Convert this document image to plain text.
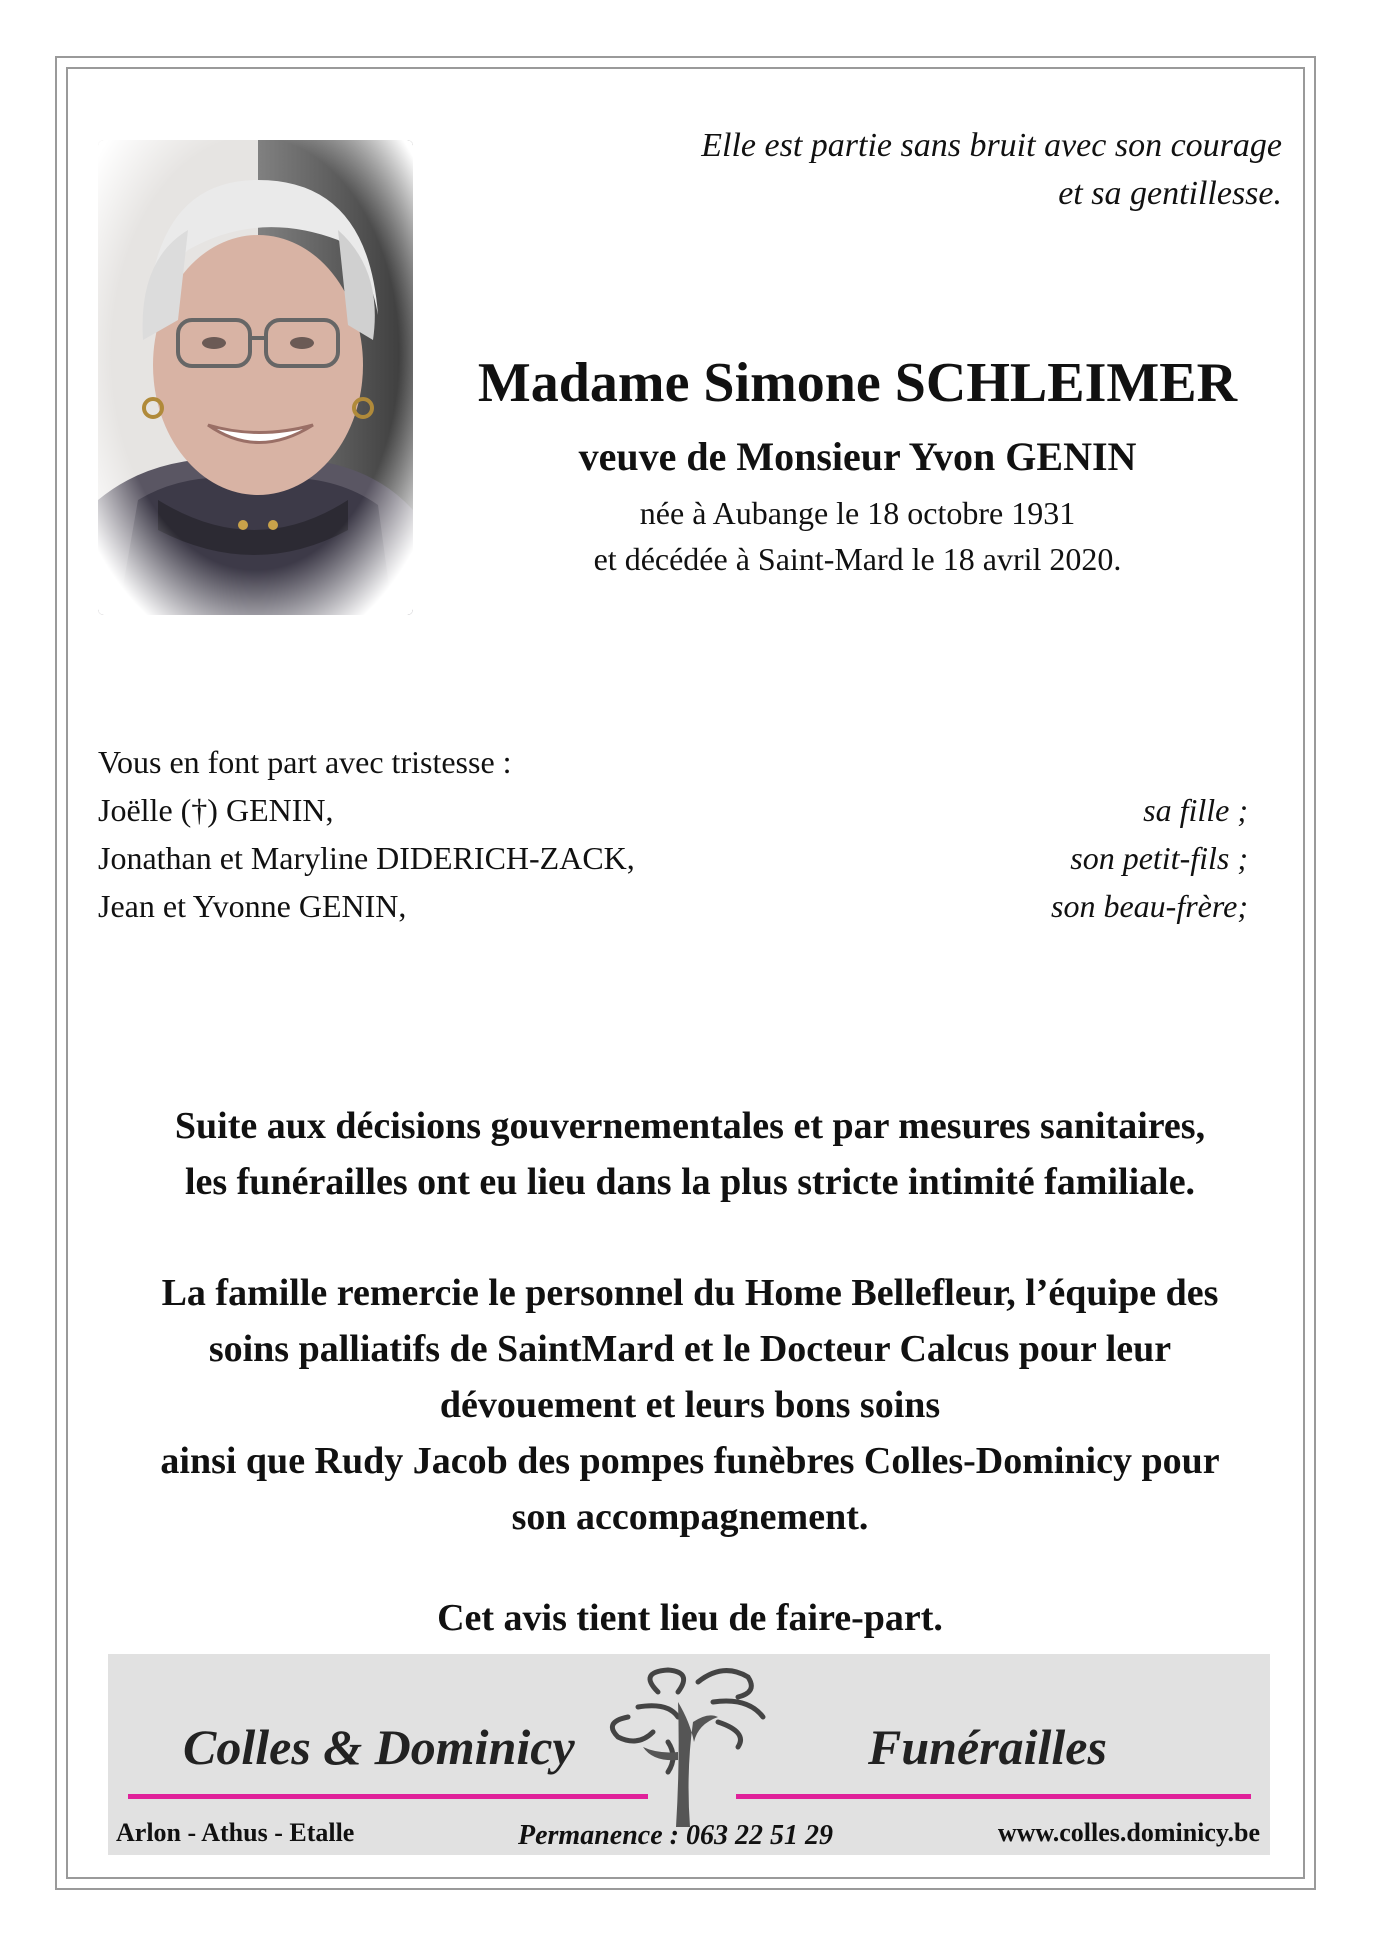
Elle est partie sans bruit avec son courage
et sa gentillesse.
Madame Simone SCHLEIMER
veuve de Monsieur Yvon GENIN
née à Aubange le 18 octobre 1931
et décédée à Saint-Mard le 18 avril 2020.
Vous en font part avec tristesse :
Joëlle (†) GENIN,	sa fille ;
Jonathan et Maryline DIDERICH-ZACK,	son petit-fils ;
Jean et Yvonne GENIN,	son beau-frère;
Suite aux décisions gouvernementales et par mesures sanitaires,
les funérailles ont eu lieu dans la plus stricte intimité familiale.
La famille remercie le personnel du Home Bellefleur, l’équipe des
soins palliatifs de SaintMard et le Docteur Calcus pour leur
dévouement et leurs bons soins
ainsi que Rudy Jacob des pompes funèbres Colles-Dominicy pour
son accompagnement.
Cet avis tient lieu de faire-part.
Colles & Dominicy	Funérailles
Arlon - Athus - Etalle	Permanence : 063 22 51 29	www.colles.dominicy.be
